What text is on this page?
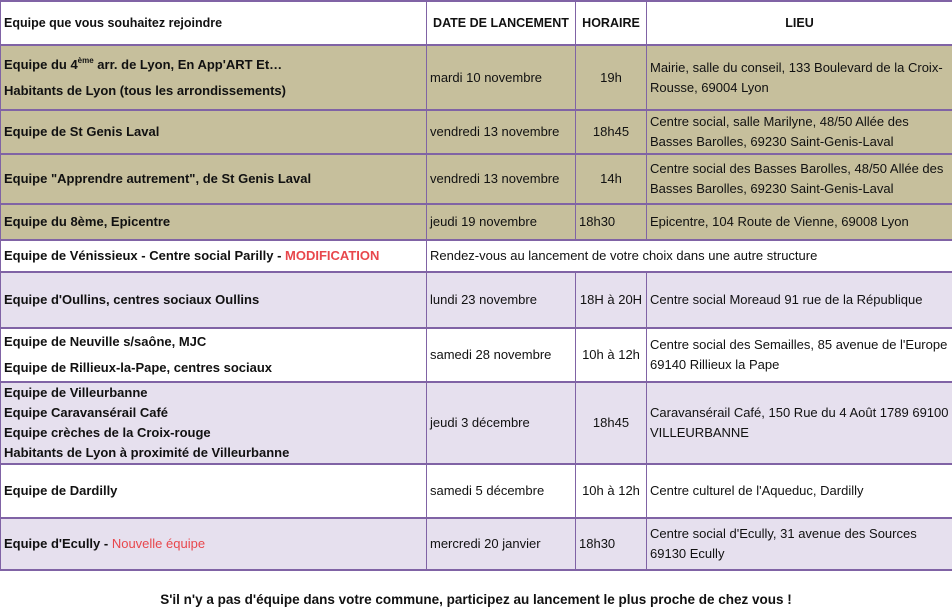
Equipe que vous souhaitez rejoindre	DATE DE LANCEMENT	HORAIRE	LIEU

Equipe du 4ème arr. de Lyon, En App'ART Et…
Habitants de Lyon (tous les arrondissements)	mardi 10 novembre	19h	Mairie, salle du conseil, 133 Boulevard de la Croix-Rousse, 69004 Lyon
Equipe de St Genis Laval	vendredi 13 novembre	18h45	Centre social, salle Marilyne, 48/50 Allée des Basses Barolles, 69230 Saint-Genis-Laval
Equipe "Apprendre autrement", de St Genis Laval	vendredi 13 novembre	14h	Centre social des Basses Barolles, 48/50 Allée des Basses Barolles, 69230 Saint-Genis-Laval
Equipe du 8ème, Epicentre	jeudi 19 novembre	18h30	Epicentre, 104 Route de Vienne, 69008 Lyon
Equipe de Vénissieux - Centre social Parilly - MODIFICATION	Rendez-vous au lancement de votre choix dans une autre structure		
Equipe d'Oullins, centres sociaux Oullins	lundi 23 novembre	18H à 20H	Centre social Moreaud 91 rue de la République

Equipe de Neuville s/saône, MJC
Equipe de Rillieux-la-Pape, centres sociaux	samedi 28 novembre	10h à 12h	Centre social des Semailles, 85 avenue de l'Europe 69140 Rillieux la Pape

Equipe de Villeurbanne
Equipe Caravansérail Café
Equipe crèches de la Croix-rouge
Habitants de Lyon à proximité de Villeurbanne	jeudi 3 décembre	18h45	Caravansérail Café, 150 Rue du 4 Août 1789 69100 VILLEURBANNE
Equipe de Dardilly	samedi 5 décembre	10h à 12h	Centre culturel de l'Aqueduc, Dardilly
Equipe d'Ecully - Nouvelle équipe	mercredi 20 janvier	18h30	Centre social d'Ecully, 31 avenue des Sources 69130 Ecully
S'il n'y a pas d'équipe dans votre commune, participez au lancement le plus proche de chez vous !
